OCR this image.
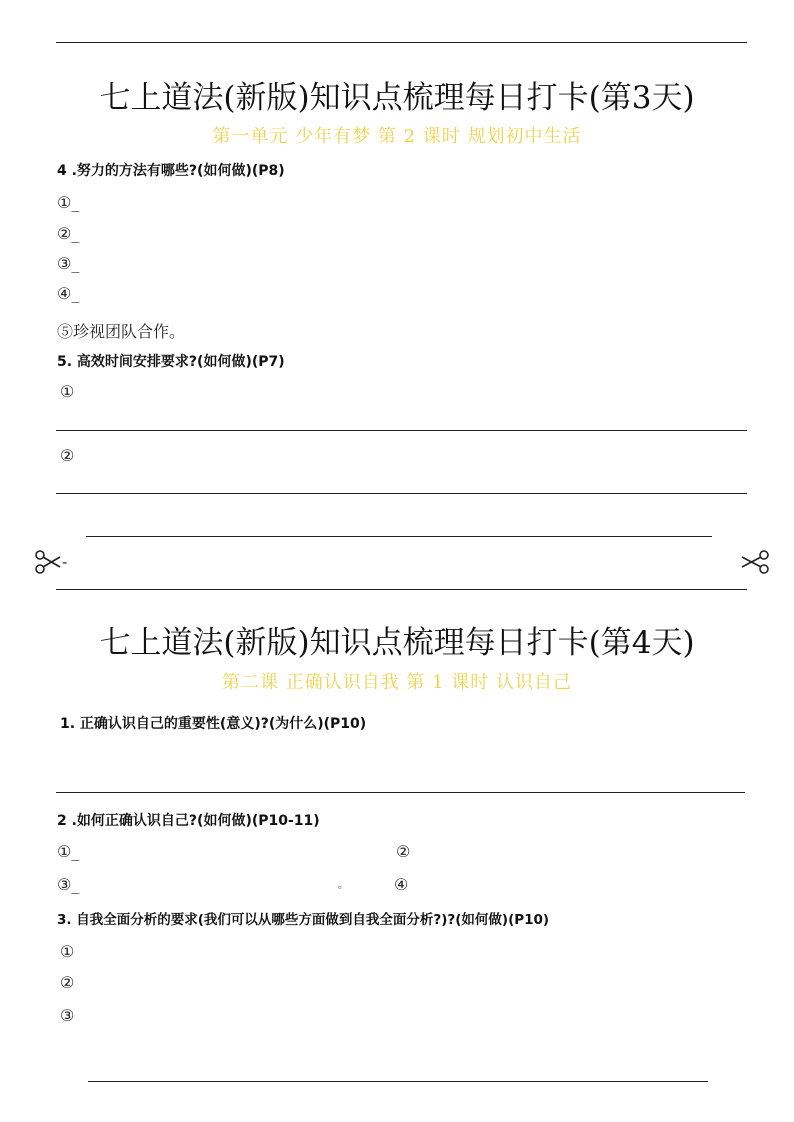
七上道法(新版)知识点梳理每日打卡(第3天)
第一单元 少年有梦 第 2 课时 规划初中生活
4 .努力的方法有哪些?(如何做)(P8)
①_
②_
③_
④_
⑤珍视团队合作。
5. 高效时间安排要求?(如何做)(P7)
①
②
-
七上道法(新版)知识点梳理每日打卡(第4天)
第二课 正确认识自我 第 1 课时 认识自己
1. 正确认识自己的重要性(意义)?(为什么)(P10)
2 .如何正确认识自己?(如何做)(P10-11)
①_	②
③_	。	④
3. 自我全面分析的要求(我们可以从哪些方面做到自我全面分析?)?(如何做)(P10)
①
②
③
